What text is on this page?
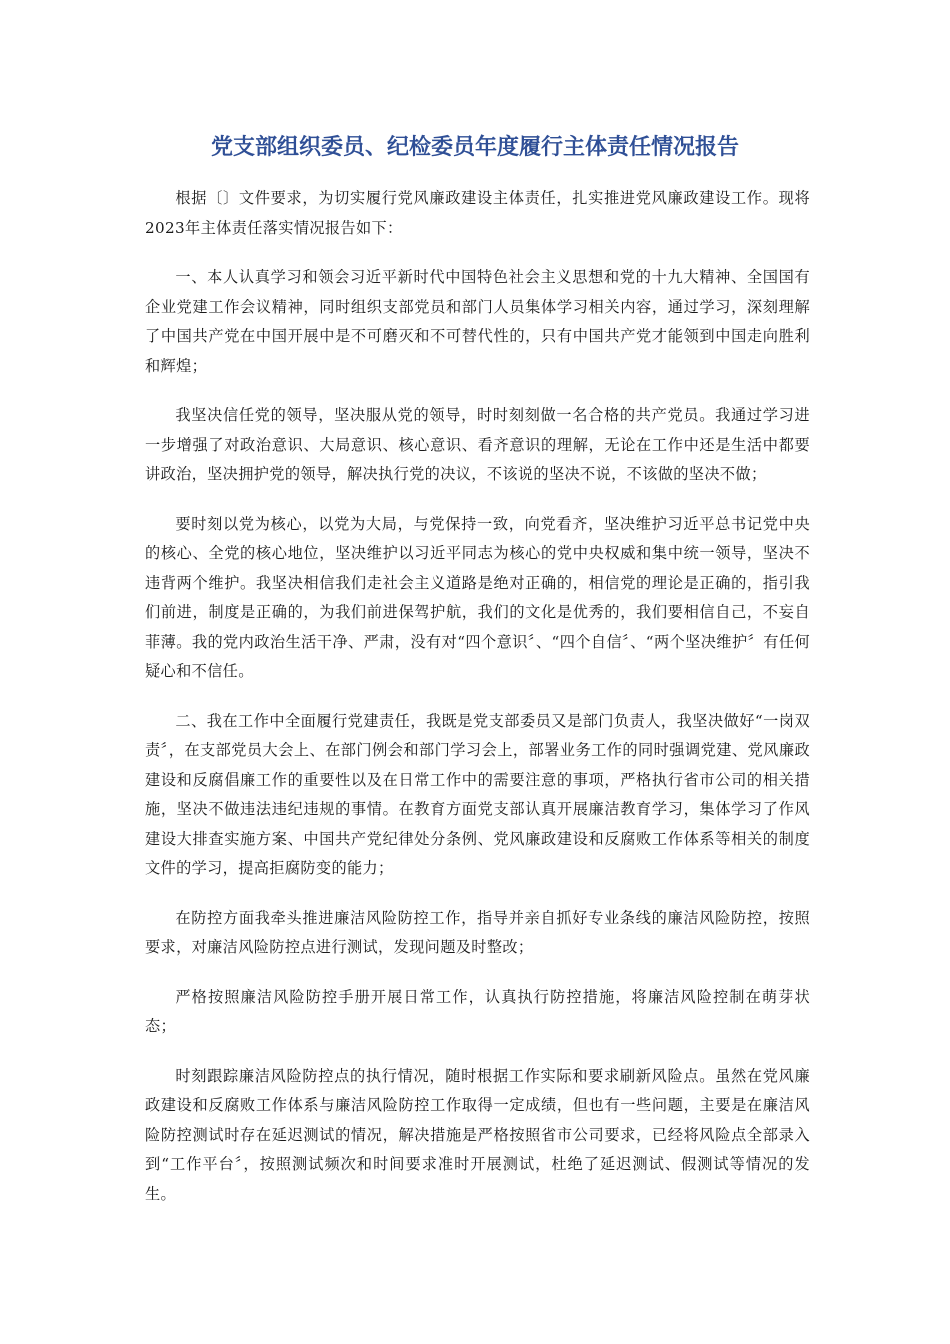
党支部组织委员、纪检委员年度履行主体责任情况报告

根据〔〕文件要求，为切实履行党风廉政建设主体责任，扎实推进党风廉政建设工作。现将2023年主体责任落实情况报告如下：

一、本人认真学习和领会习近平新时代中国特色社会主义思想和党的十九大精神、全国国有企业党建工作会议精神，同时组织支部党员和部门人员集体学习相关内容，通过学习，深刻理解了中国共产党在中国开展中是不可磨灭和不可替代性的，只有中国共产党才能领到中国走向胜利和辉煌；

我坚决信任党的领导，坚决服从党的领导，时时刻刻做一名合格的共产党员。我通过学习进一步增强了对政治意识、大局意识、核心意识、看齐意识的理解，无论在工作中还是生活中都要讲政治，坚决拥护党的领导，解决执行党的决议，不该说的坚决不说，不该做的坚决不做；

要时刻以党为核心，以党为大局，与党保持一致，向党看齐，坚决维护习近平总书记党中央的核心、全党的核心地位，坚决维护以习近平同志为核心的党中央权威和集中统一领导，坚决不违背两个维护。我坚决相信我们走社会主义道路是绝对正确的，相信党的理论是正确的，指引我们前进，制度是正确的，为我们前进保驾护航，我们的文化是优秀的，我们要相信自己，不妄自菲薄。我的党内政治生活干净、严肃，没有对“四个意识〞、“四个自信〞、“两个坚决维护〞有任何疑心和不信任。

二、我在工作中全面履行党建责任，我既是党支部委员又是部门负责人，我坚决做好“一岗双责〞，在支部党员大会上、在部门例会和部门学习会上，部署业务工作的同时强调党建、党风廉政建设和反腐倡廉工作的重要性以及在日常工作中的需要注意的事项，严格执行省市公司的相关措施，坚决不做违法违纪违规的事情。在教育方面党支部认真开展廉洁教育学习，集体学习了作风建设大排查实施方案、中国共产党纪律处分条例、党风廉政建设和反腐败工作体系等相关的制度文件的学习，提高拒腐防变的能力；

在防控方面我牵头推进廉洁风险防控工作，指导并亲自抓好专业条线的廉洁风险防控，按照要求，对廉洁风险防控点进行测试，发现问题及时整改；

严格按照廉洁风险防控手册开展日常工作，认真执行防控措施，将廉洁风险控制在萌芽状态；

时刻跟踪廉洁风险防控点的执行情况，随时根据工作实际和要求刷新风险点。虽然在党风廉政建设和反腐败工作体系与廉洁风险防控工作取得一定成绩，但也有一些问题，主要是在廉洁风险防控测试时存在延迟测试的情况，解决措施是严格按照省市公司要求，已经将风险点全部录入到“工作平台〞，按照测试频次和时间要求准时开展测试，杜绝了延迟测试、假测试等情况的发生。
